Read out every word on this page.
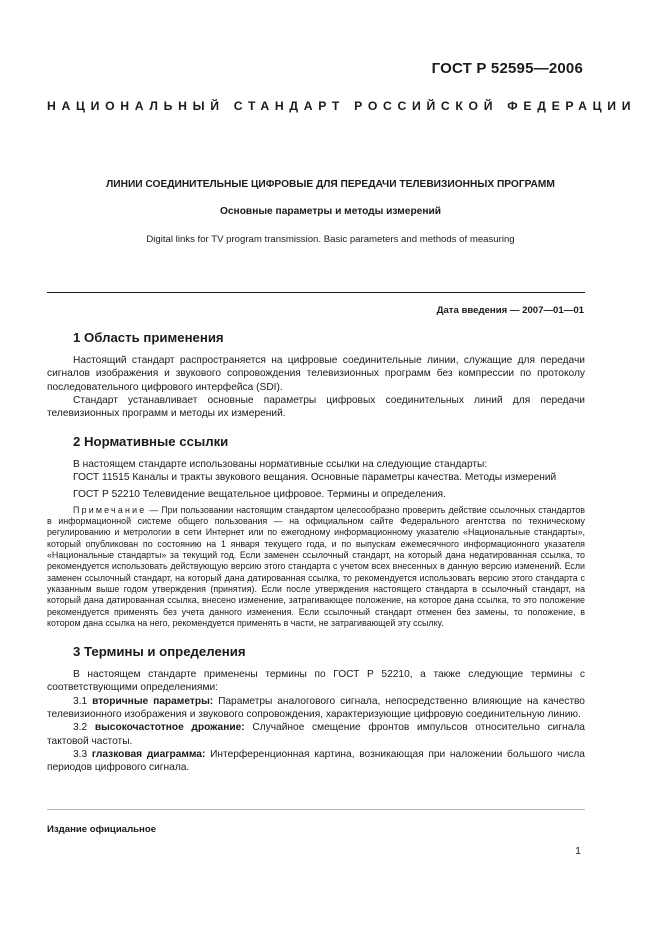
ГОСТ Р 52595—2006
НАЦИОНАЛЬНЫЙ СТАНДАРТ РОССИЙСКОЙ ФЕДЕРАЦИИ
ЛИНИИ СОЕДИНИТЕЛЬНЫЕ ЦИФРОВЫЕ ДЛЯ ПЕРЕДАЧИ ТЕЛЕВИЗИОННЫХ ПРОГРАММ
Основные параметры и методы измерений
Digital links for TV program transmission. Basic parameters and methods of measuring
Дата введения — 2007—01—01
1 Область применения

Настоящий стандарт распространяется на цифровые соединительные линии, служащие для передачи сигналов изображения и звукового сопровождения телевизионных программ без компрессии по протоколу последовательного цифрового интерфейса (SDI).

Стандарт устанавливает основные параметры цифровых соединительных линий для передачи телевизионных программ и методы их измерений.

2 Нормативные ссылки

В настоящем стандарте использованы нормативные ссылки на следующие стандарты:

ГОСТ 11515 Каналы и тракты звукового вещания. Основные параметры качества. Методы измерений

ГОСТ Р 52210 Телевидение вещательное цифровое. Термины и определения.

Примечание — При пользовании настоящим стандартом целесообразно проверить действие ссылочных стандартов в информационной системе общего пользования — на официальном сайте Федерального агентства по техническому регулированию и метрологии в сети Интернет или по ежегодному информационному указателю «Национальные стандарты», который опубликован по состоянию на 1 января текущего года, и по выпускам ежемесячного информационного указателя «Национальные стандарты» за текущий год. Если заменен ссылочный стандарт, на который дана недатированная ссылка, то рекомендуется использовать действующую версию этого стандарта с учетом всех внесенных в данную версию изменений. Если заменен ссылочный стандарт, на который дана датированная ссылка, то рекомендуется использовать версию этого стандарта с указанным выше годом утверждения (принятия). Если после утверждения настоящего стандарта в ссылочный стандарт, на который дана датированная ссылка, внесено изменение, затрагивающее положение, на которое дана ссылка, то это положение рекомендуется применять без учета данного изменения. Если ссылочный стандарт отменен без замены, то положение, в котором дана ссылка на него, рекомендуется применять в части, не затрагивающей эту ссылку.
3 Термины и определения

В настоящем стандарте применены термины по ГОСТ Р 52210, а также следующие термины с соответствующими определениями:

3.1 вторичные параметры: Параметры аналогового сигнала, непосредственно влияющие на качество телевизионного изображения и звукового сопровождения, характеризующие цифровую соединительную линию.

3.2 высокочастотное дрожание: Случайное смещение фронтов импульсов относительно сигнала тактовой частоты.

3.3 глазковая диаграмма: Интерференционная картина, возникающая при наложении большого числа периодов цифрового сигнала.

Издание официальное
1
